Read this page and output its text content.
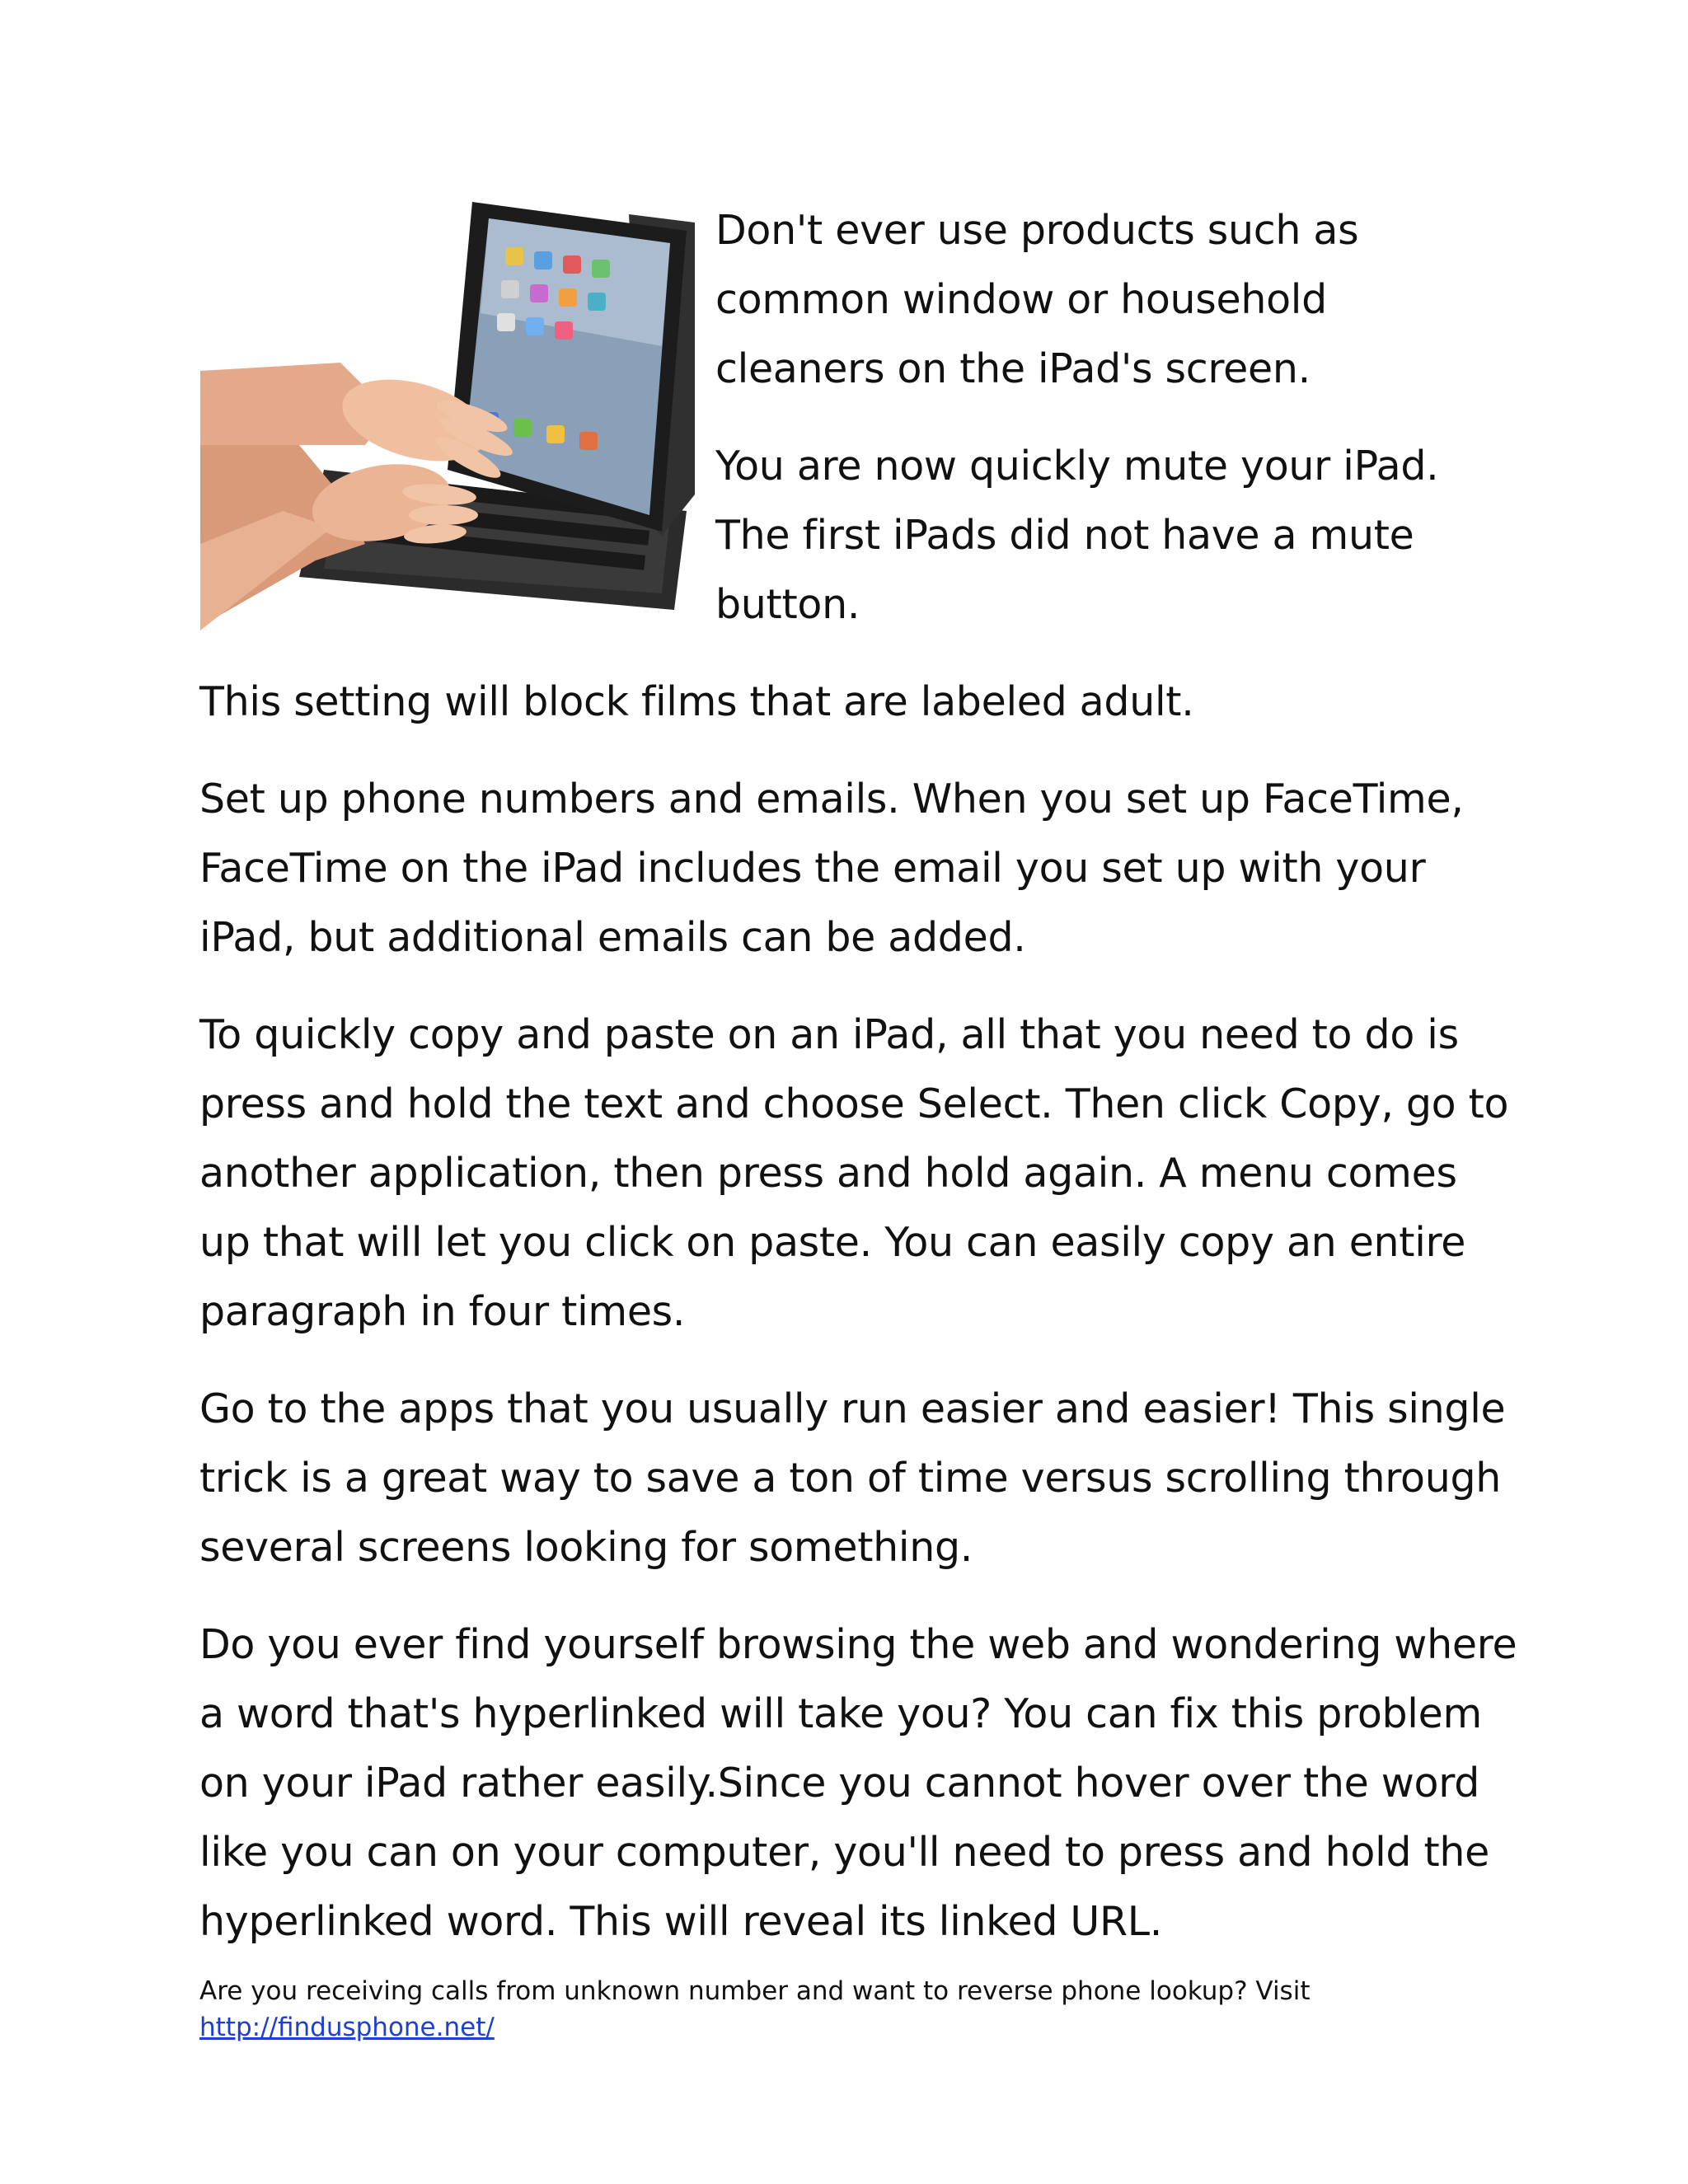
Don't ever use products such as common window or household cleaners on the iPad's screen.

You are now quickly mute your iPad. The first iPads did not have a mute button.

This setting will block films that are labeled adult.

Set up phone numbers and emails. When you set up FaceTime, FaceTime on the iPad includes the email you set up with your iPad, but additional emails can be added.

To quickly copy and paste on an iPad, all that you need to do is press and hold the text and choose Select. Then click Copy, go to another application, then press and hold again. A menu comes up that will let you click on paste. You can easily copy an entire paragraph in four times.

Go to the apps that you usually run easier and easier! This single trick is a great way to save a ton of time versus scrolling through several screens looking for something.

Do you ever find yourself browsing the web and wondering where a word that's hyperlinked will take you? You can fix this problem on your iPad rather easily.Since you cannot hover over the word like you can on your computer, you'll need to press and hold the hyperlinked word. This will reveal its linked URL.

Are you receiving calls from unknown number and want to reverse phone lookup? Visit
http://findusphone.net/
